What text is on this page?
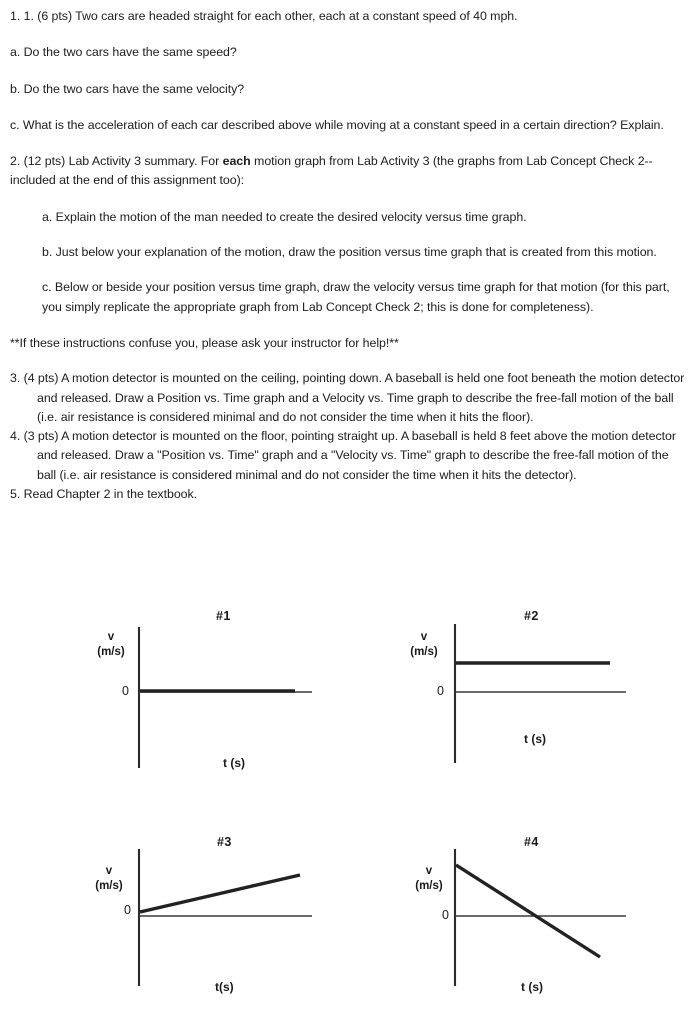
1. 1. (6 pts) Two cars are headed straight for each other, each at a constant speed of 40 mph.

a. Do the two cars have the same speed?

b. Do the two cars have the same velocity?

c. What is the acceleration of each car described above while moving at a constant speed in a certain direction? Explain.

2. (12 pts) Lab Activity 3 summary. For each motion graph from Lab Activity 3 (the graphs from Lab Concept Check 2--included at the end of this assignment too):

a. Explain the motion of the man needed to create the desired velocity versus time graph.

b. Just below your explanation of the motion, draw the position versus time graph that is created from this motion.

c. Below or beside your position versus time graph, draw the velocity versus time graph for that motion (for this part, you simply replicate the appropriate graph from Lab Concept Check 2; this is done for completeness).

**If these instructions confuse you, please ask your instructor for help!**

3. (4 pts) A motion detector is mounted on the ceiling, pointing down. A baseball is held one foot beneath the motion detector and released. Draw a Position vs. Time graph and a Velocity vs. Time graph to describe the free-fall motion of the ball (i.e. air resistance is considered minimal and do not consider the time when it hits the floor).

4. (3 pts) A motion detector is mounted on the floor, pointing straight up. A baseball is held 8 feet above the motion detector and released. Draw a "Position vs. Time" graph and a "Velocity vs. Time" graph to describe the free-fall motion of the ball (i.e. air resistance is considered minimal and do not consider the time when it hits the detector).

5. Read Chapter 2 in the textbook.

#1
v
(m/s)
0
t (s)
#2
v
(m/s)
0
t (s)
#3
v
(m/s)
0
t(s)
#4
v
(m/s)
0
t (s)
